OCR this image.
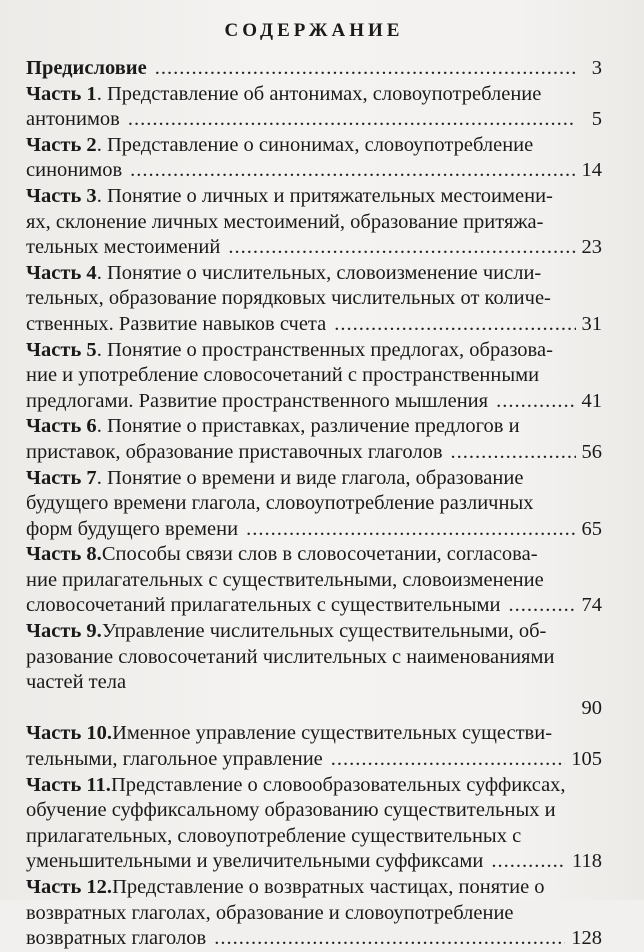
СОДЕРЖАНИЕ
Предисловие .....	3
Часть 1 . Представление об антонимах, словоупотребление
антонимов .....	5
Часть 2 . Представление о синонимах, словоупотребление
синонимов .....	14
Часть 3 . Понятие о личных и притяжательных местоимени-
ях, склонение личных местоимений, образование притяжа-
тельных местоимений .....	23
Часть 4 . Понятие о числительных, словоизменение числи-
тельных, образование порядковых числительных от количе-
ственных. Развитие навыков счета .....	31
Часть 5 . Понятие о пространственных предлогах, образова-
ние и употребление словосочетаний с пространственными
предлогами. Развитие пространственного мышления .....	41
Часть 6 . Понятие о приставках, различение предлогов и
приставок, образование приставочных глаголов .....	56
Часть 7 . Понятие о времени и виде глагола, образование
будущего времени глагола, словоупотребление различных
форм будущего времени .....	65
Часть 8. Способы связи слов в словосочетании, согласова-
ние прилагательных с существительными, словоизменение
словосочетаний прилагательных с существительными .....	74
Часть 9. Управление числительных существительными, об-
разование словосочетаний числительных с наименованиями
частей тела
90
Часть 10. Именное управление существительных существи-
тельными, глагольное управление .....	105
Часть 11. Представление о словообразовательных суффиксах,
обучение суффиксальному образованию существительных и
прилагательных, словоупотребление существительных с
уменьшительными и увеличительными суффиксами .....	118
Часть 12. Представление о возвратных частицах, понятие о
возвратных глаголах, образование и словоупотребление
возвратных глаголов .....	128
